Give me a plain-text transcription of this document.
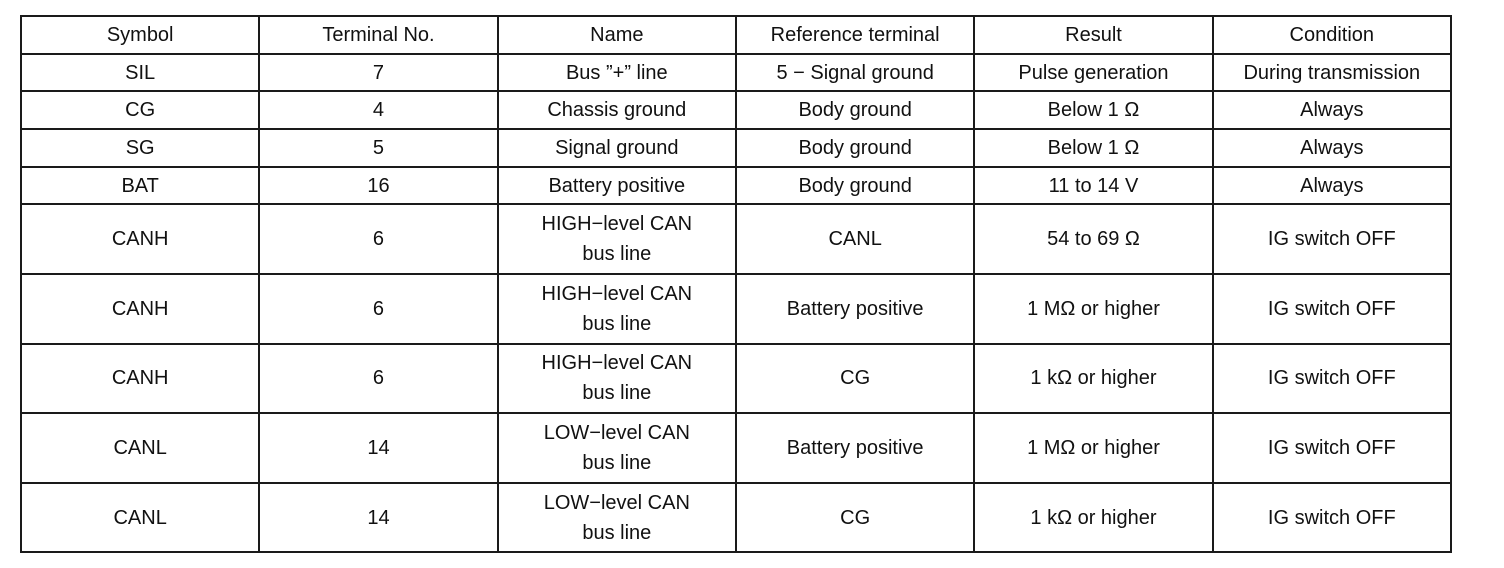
Symbol	Terminal No.	Name	Reference terminal	Result	Condition

SIL	7	Bus ”+” line	5 − Signal ground	Pulse generation	During transmission

CG	4	Chassis ground	Body ground	Below 1 Ω	Always

SG	5	Signal ground	Body ground	Below 1 Ω	Always

BAT	16	Battery positive	Body ground	11 to 14 V	Always

CANH	6	HIGH−level CAN
bus line	CANL	54 to 69 Ω	IG switch OFF

CANH	6	HIGH−level CAN
bus line	Battery positive	1 MΩ or higher	IG switch OFF

CANH	6	HIGH−level CAN
bus line	CG	1 kΩ or higher	IG switch OFF

CANL	14	LOW−level CAN
bus line	Battery positive	1 MΩ or higher	IG switch OFF

CANL	14	LOW−level CAN
bus line	CG	1 kΩ or higher	IG switch OFF
